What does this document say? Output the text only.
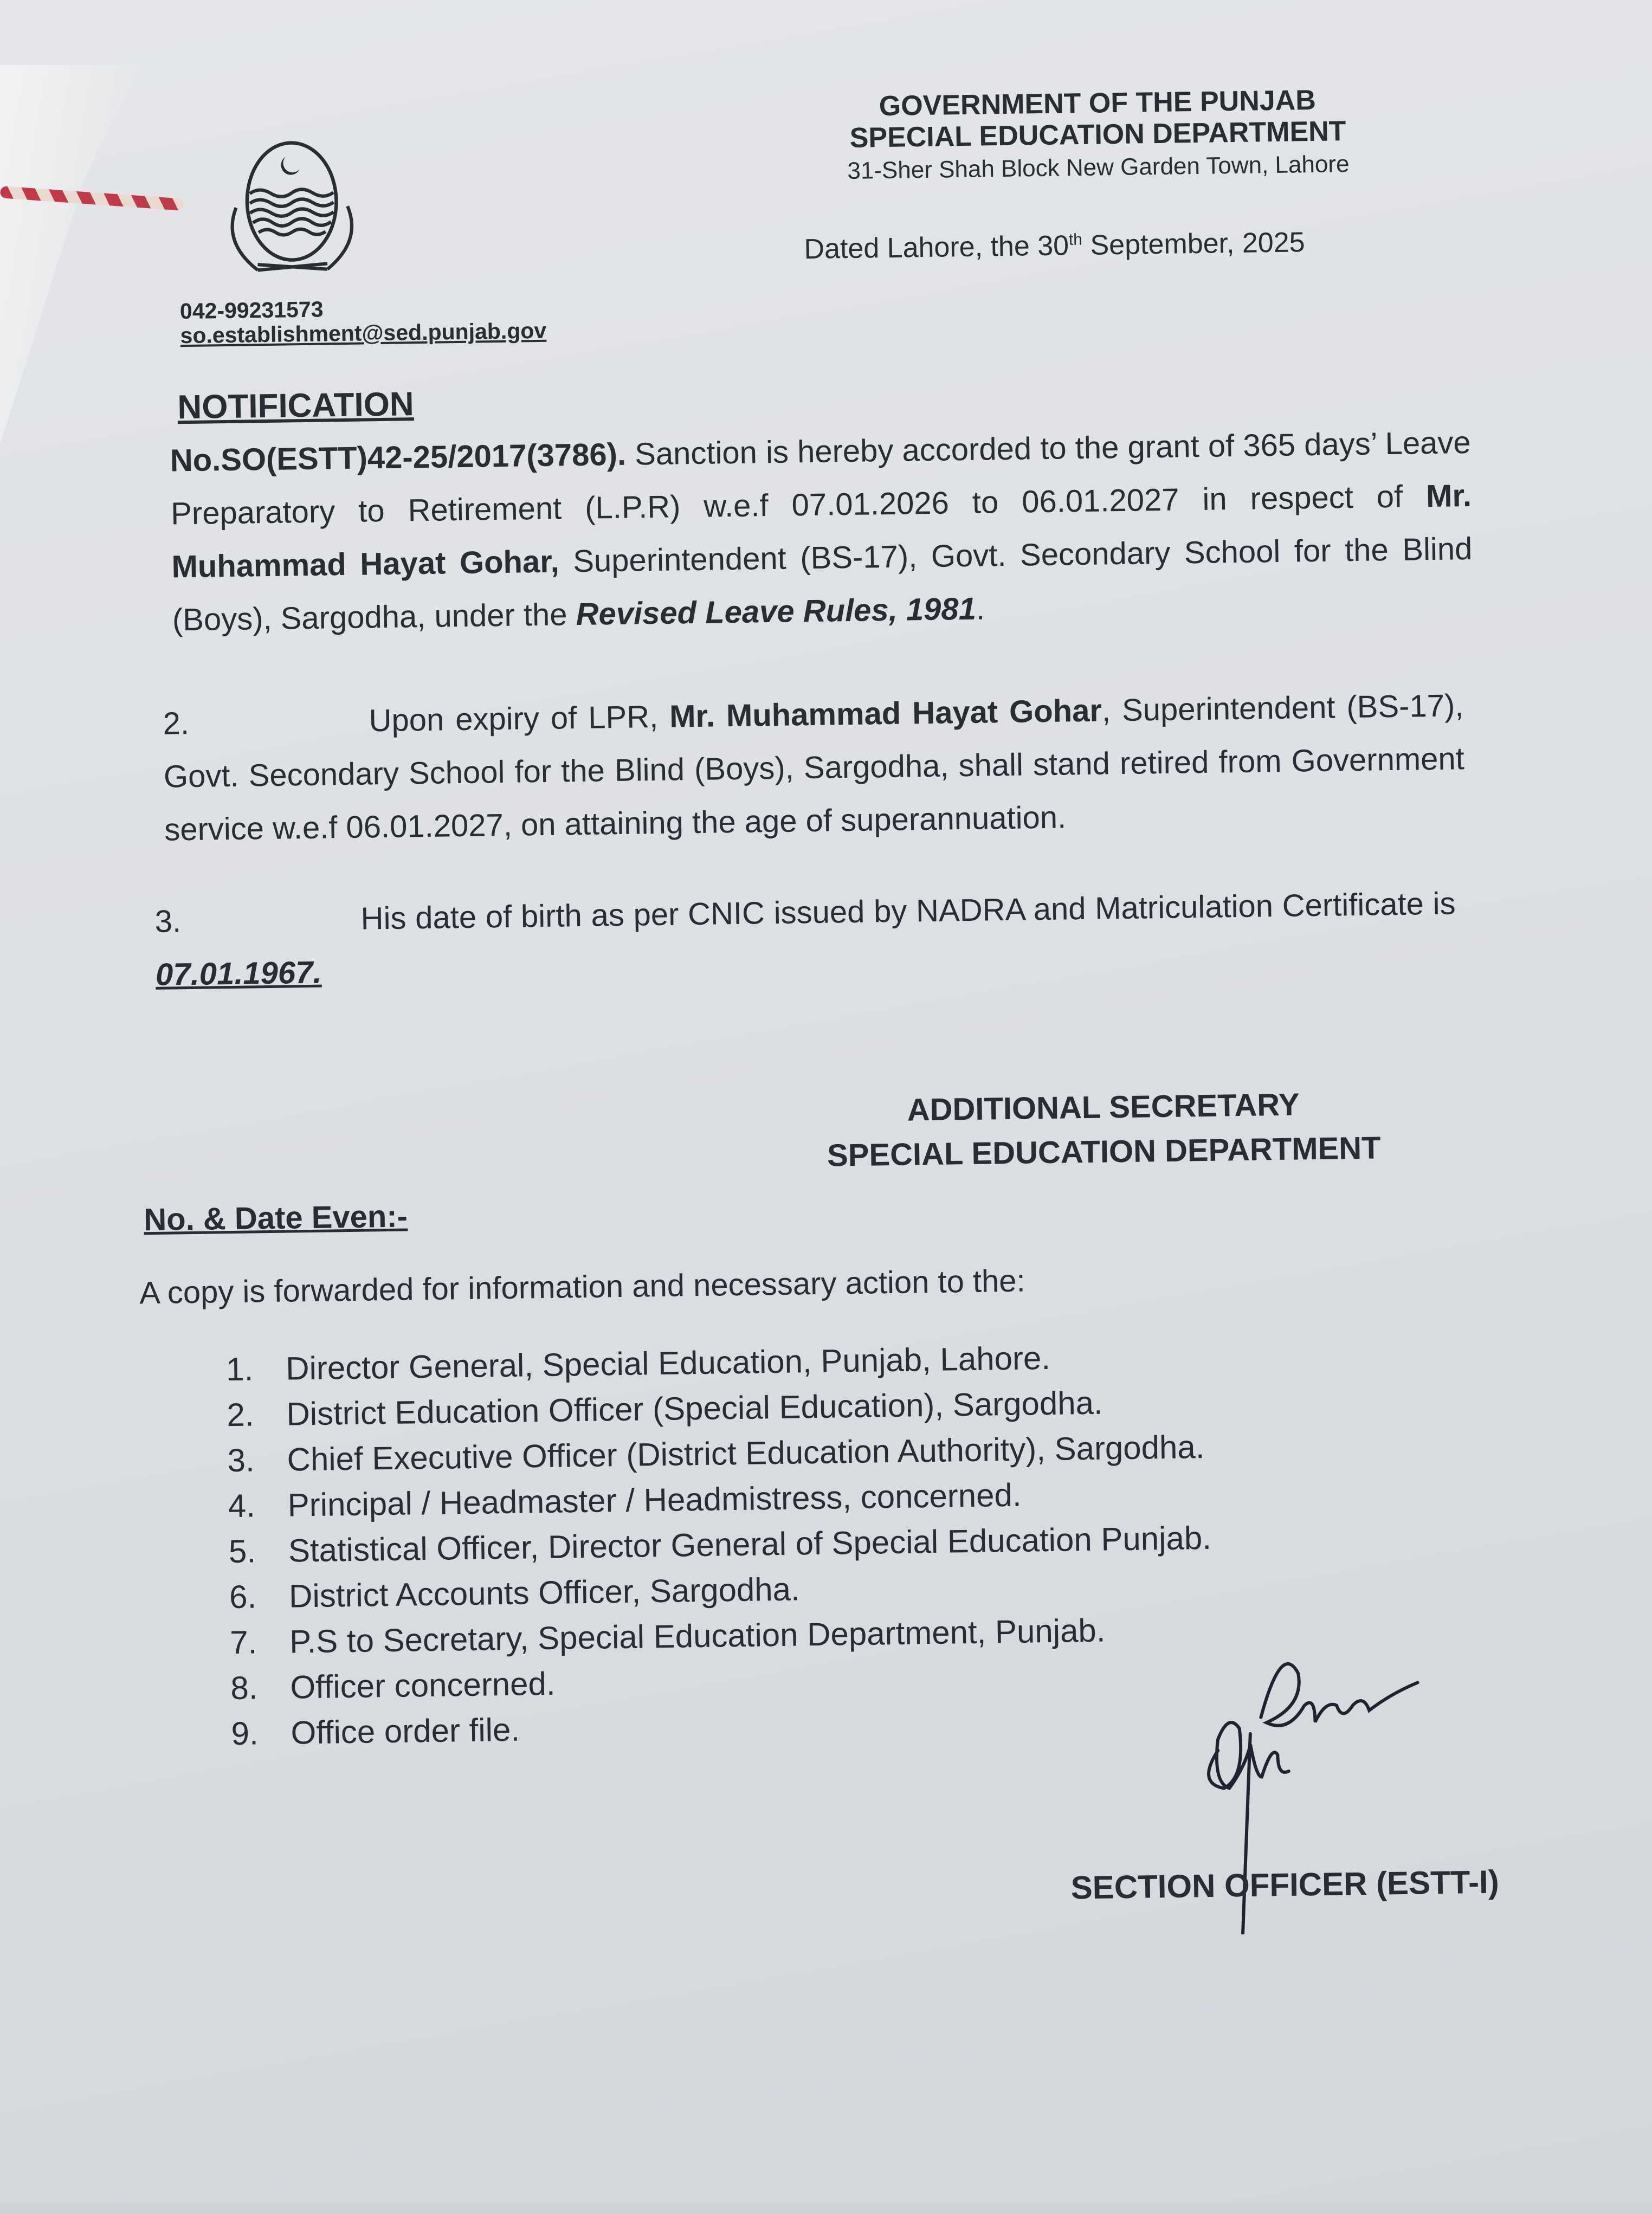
GOVERNMENT OF THE PUNJAB
SPECIAL EDUCATION DEPARTMENT
31-Sher Shah Block New Garden Town, Lahore
Dated Lahore, the 30th September, 2025
042-99231573
so.establishment@sed.punjab.gov
NOTIFICATION
No.SO(ESTT)42-25/2017(3786). Sanction is hereby accorded to the grant of 365 days’ Leave Preparatory to Retirement (L.P.R) w.e.f 07.01.2026 to 06.01.2027 in respect of Mr. Muhammad Hayat Gohar, Superintendent (BS-17), Govt. Secondary School for the Blind (Boys), Sargodha, under the Revised Leave Rules, 1981.
2.	Upon expiry of LPR, Mr. Muhammad Hayat Gohar, Superintendent (BS-17), Govt. Secondary School for the Blind (Boys), Sargodha, shall stand retired from Government service w.e.f 06.01.2027, on attaining the age of superannuation.
3.	His date of birth as per CNIC issued by NADRA and Matriculation Certificate is 07.01.1967.
ADDITIONAL SECRETARY
SPECIAL EDUCATION DEPARTMENT
No. & Date Even:-
A copy is forwarded for information and necessary action to the:
1. Director General, Special Education, Punjab, Lahore.
2. District Education Officer (Special Education), Sargodha.
3. Chief Executive Officer (District Education Authority), Sargodha.
4. Principal / Headmaster / Headmistress, concerned.
5. Statistical Officer, Director General of Special Education Punjab.
6. District Accounts Officer, Sargodha.
7. P.S to Secretary, Special Education Department, Punjab.
8. Officer concerned.
9. Office order file.
SECTION OFFICER (ESTT-I)
